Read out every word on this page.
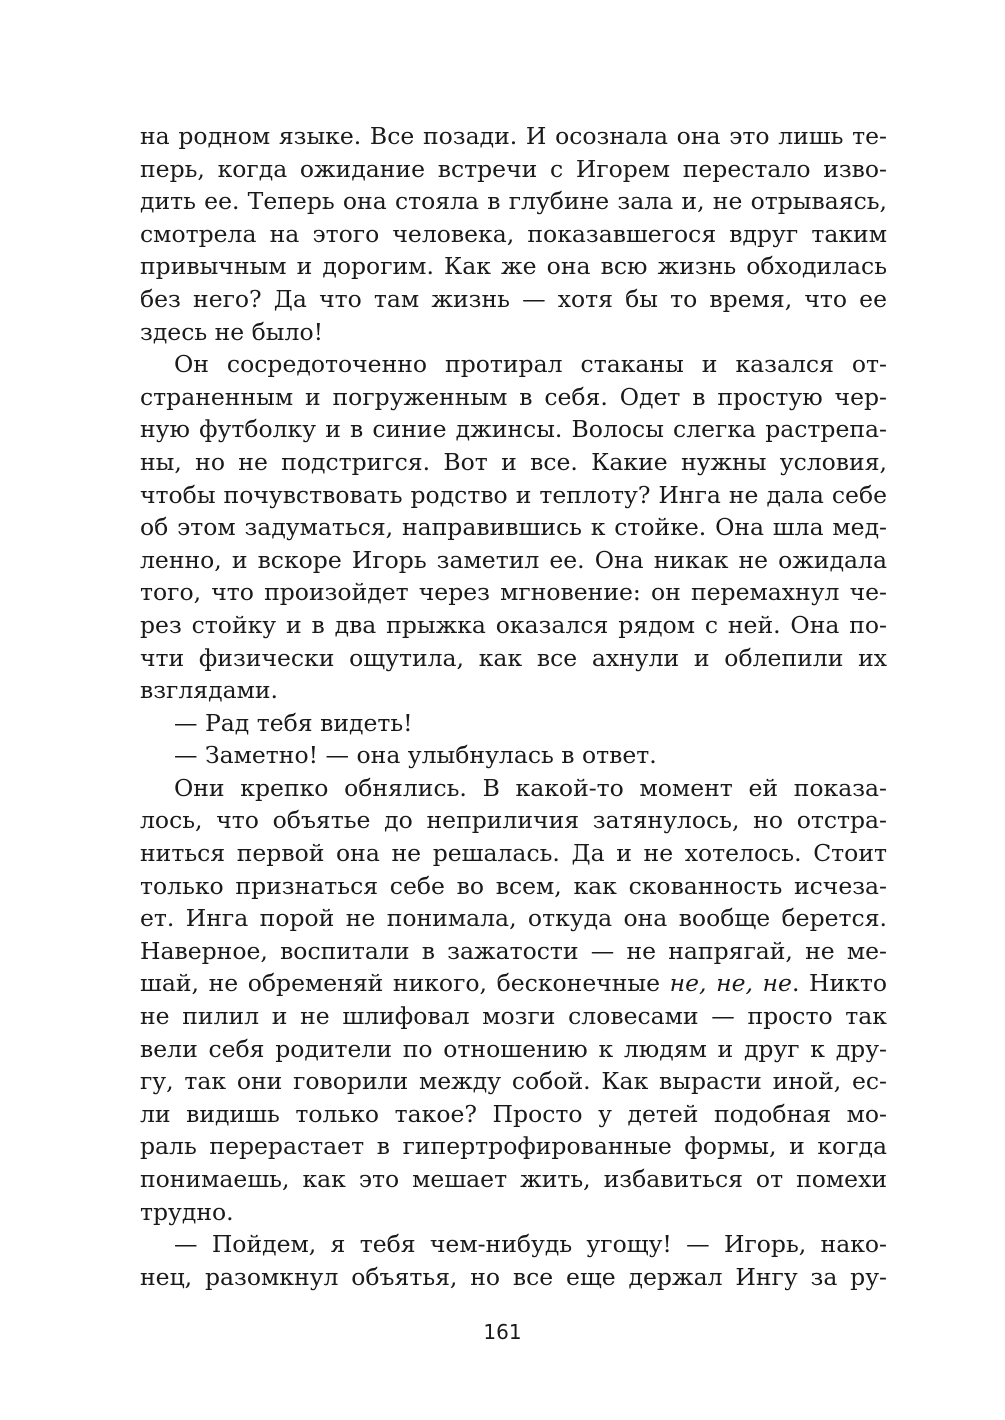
на родном языке. Все позади. И осознала она это лишь те-
перь, когда ожидание встречи с Игорем перестало изво-
дить ее. Теперь она стояла в глубине зала и, не отрываясь,
смотрела на этого человека, показавшегося вдруг таким
привычным и дорогим. Как же она всю жизнь обходилась
без него? Да что там жизнь — хотя бы то время, что ее
здесь не было!
Он сосредоточенно протирал стаканы и казался от-
страненным и погруженным в себя. Одет в простую чер-
ную футболку и в синие джинсы. Волосы слегка растрепа-
ны, но не подстригся. Вот и все. Какие нужны условия,
чтобы почувствовать родство и теплоту? Инга не дала себе
об этом задуматься, направившись к стойке. Она шла мед-
ленно, и вскоре Игорь заметил ее. Она никак не ожидала
того, что произойдет через мгновение: он перемахнул че-
рез стойку и в два прыжка оказался рядом с ней. Она по-
чти физически ощутила, как все ахнули и облепили их
взглядами.
— Рад тебя видеть!
— Заметно! — она улыбнулась в ответ.
Они крепко обнялись. В какой-то момент ей показа-
лось, что объятье до неприличия затянулось, но отстра-
ниться первой она не решалась. Да и не хотелось. Стоит
только признаться себе во всем, как скованность исчеза-
ет. Инга порой не понимала, откуда она вообще берется.
Наверное, воспитали в зажатости — не напрягай, не ме-
шай, не обременяй никого, бесконечные не, не, не. Никто
не пилил и не шлифовал мозги словесами — просто так
вели себя родители по отношению к людям и друг к дру-
гу, так они говорили между собой. Как вырасти иной, ес-
ли видишь только такое? Просто у детей подобная мо-
раль перерастает в гипертрофированные формы, и когда
понимаешь, как это мешает жить, избавиться от помехи
трудно.
— Пойдем, я тебя чем-нибудь угощу! — Игорь, нако-
нец, разомкнул объятья, но все еще держал Ингу за ру-
161
